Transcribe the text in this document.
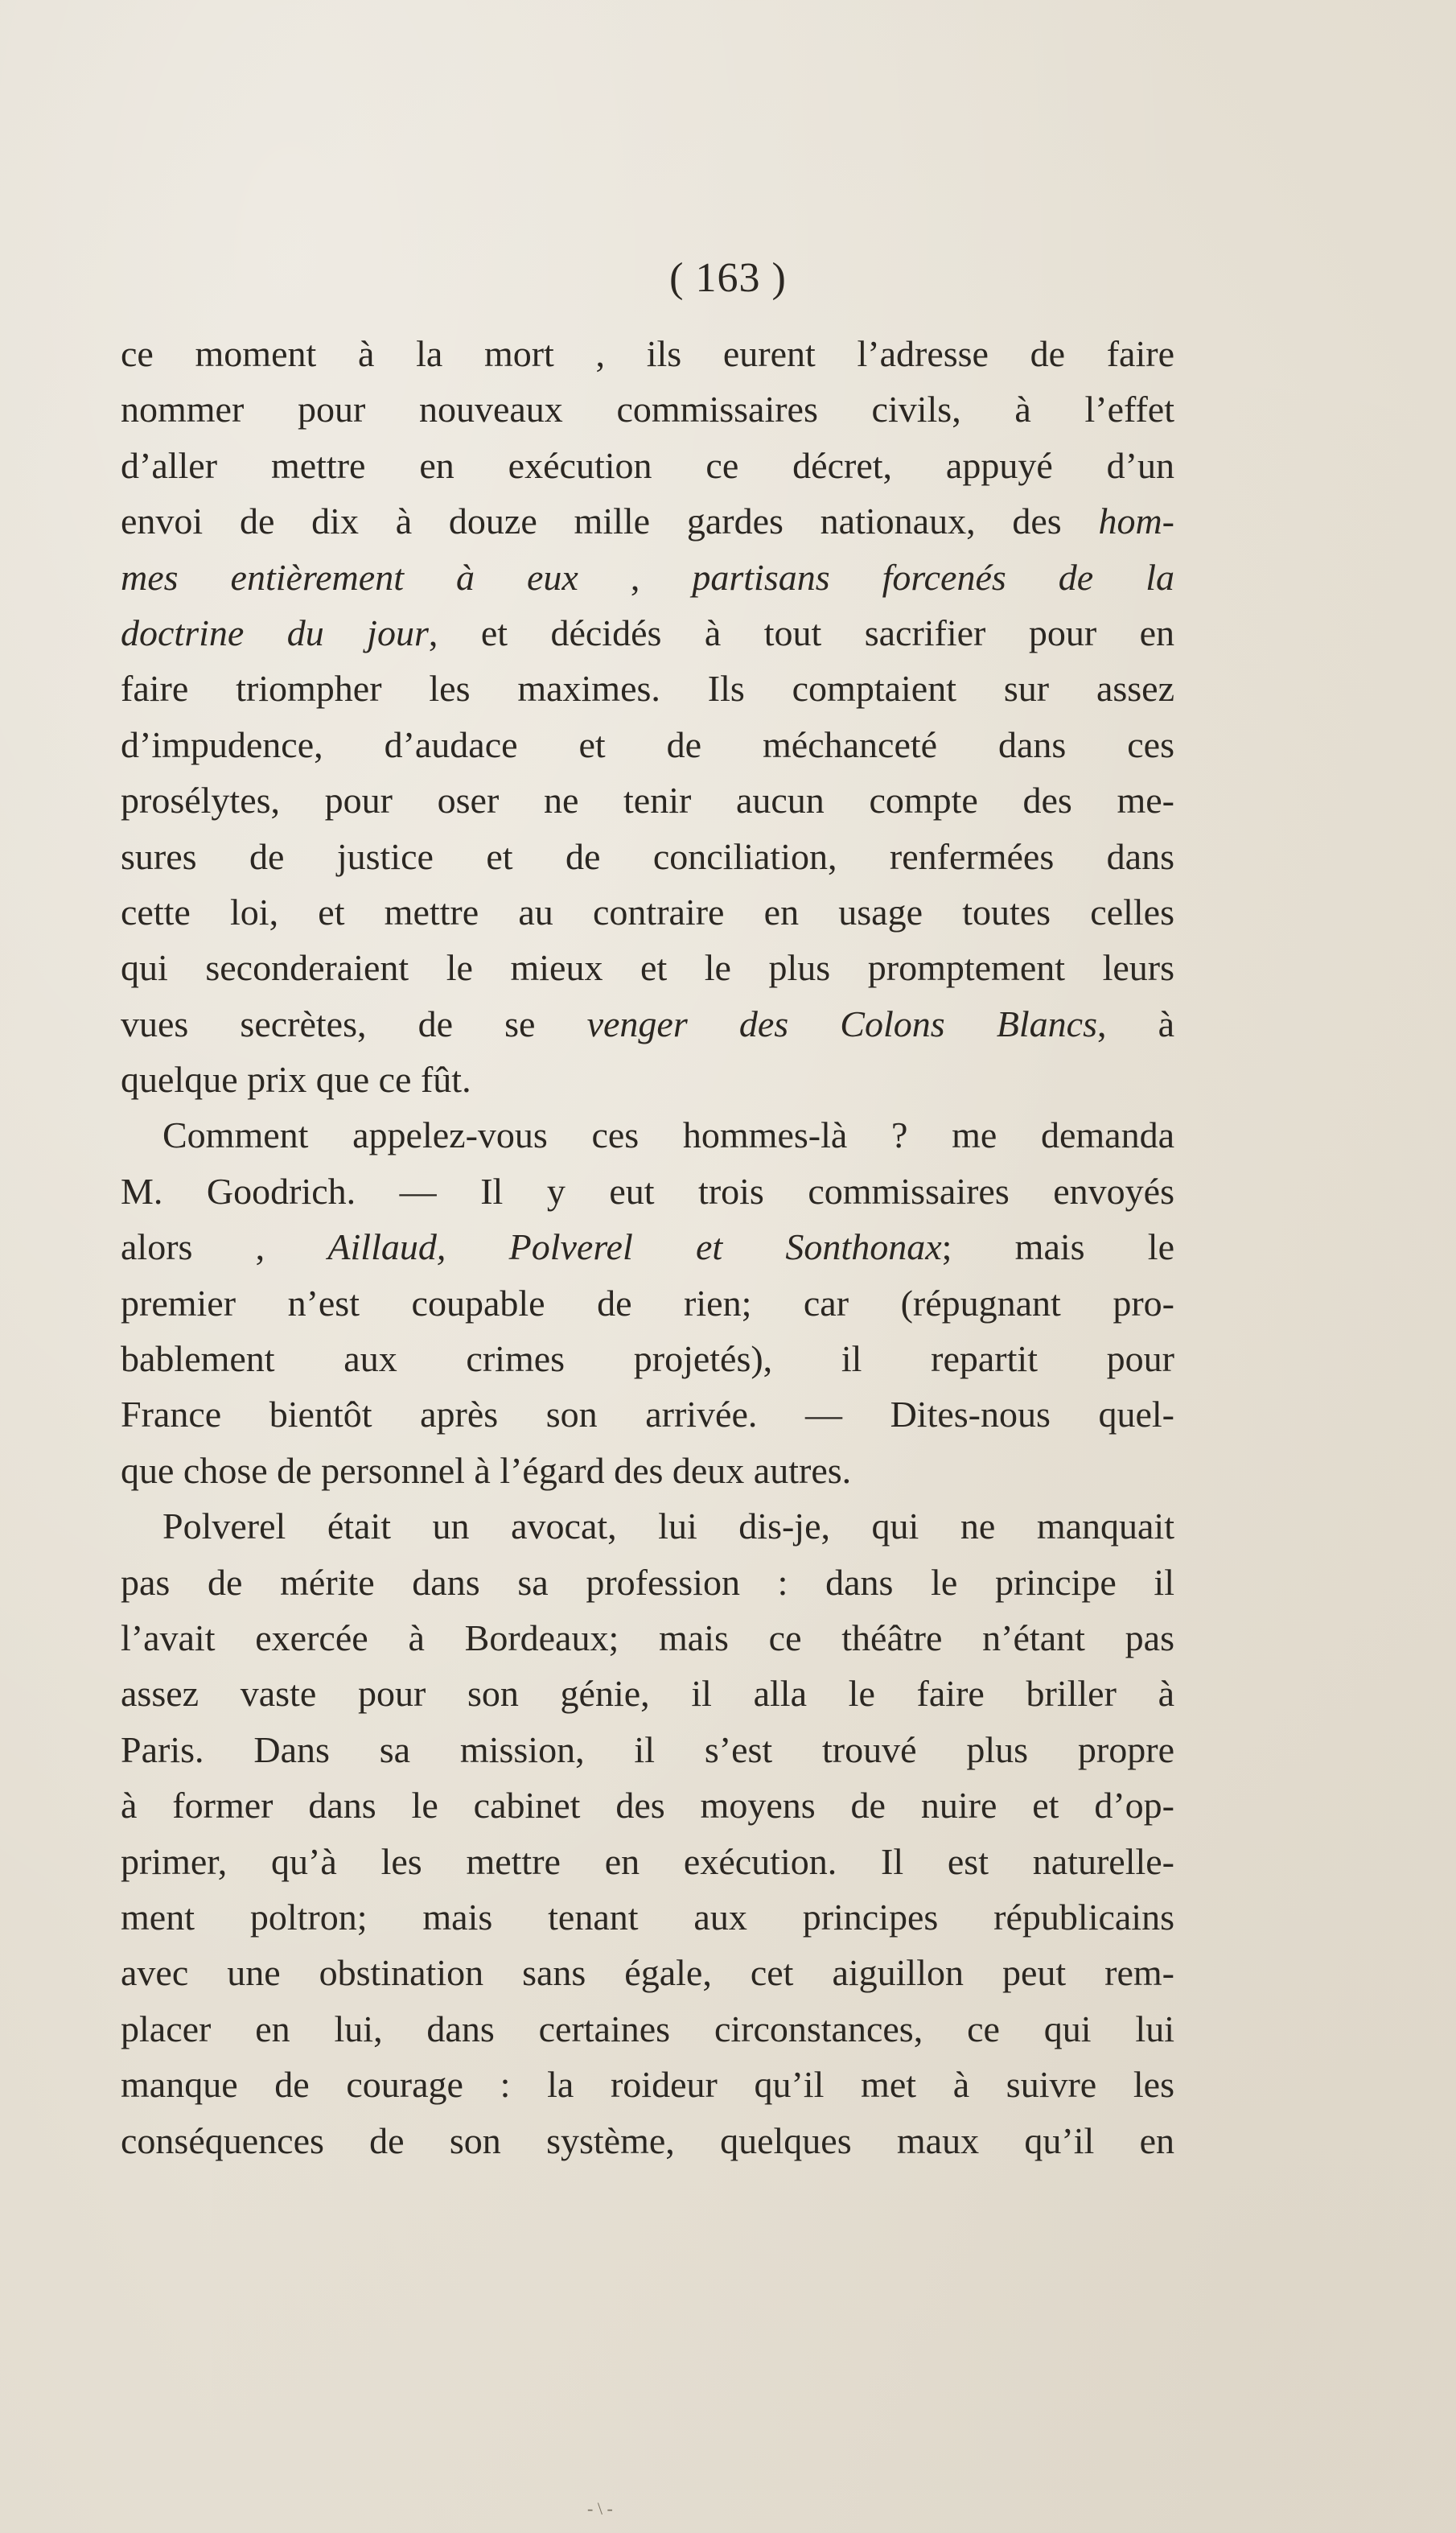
( 163 )
ce moment à la mort , ils eurent l’adresse de faire
nommer pour nouveaux commissaires civils, à l’effet
d’aller mettre en exécution ce décret, appuyé d’un
envoi de dix à douze mille gardes nationaux, des hom-
mes entièrement à eux , partisans forcenés de la
doctrine du jour, et décidés à tout sacrifier pour en
faire triompher les maximes. Ils comptaient sur assez
d’impudence, d’audace et de méchanceté dans ces
prosélytes, pour oser ne tenir aucun compte des me-
sures de justice et de conciliation, renfermées dans
cette loi, et mettre au contraire en usage toutes celles
qui seconderaient le mieux et le plus promptement leurs
vues secrètes, de se venger des Colons Blancs, à
quelque prix que ce fût.
Comment appelez-vous ces hommes-là ? me demanda
M. Goodrich. — Il y eut trois commissaires envoyés
alors , Aillaud, Polverel et Sonthonax; mais le
premier n’est coupable de rien; car (répugnant pro-
bablement aux crimes projetés), il repartit pour
France bientôt après son arrivée. — Dites-nous quel-
que chose de personnel à l’égard des deux autres.
Polverel était un avocat, lui dis-je, qui ne manquait
pas de mérite dans sa profession : dans le principe il
l’avait exercée à Bordeaux; mais ce théâtre n’étant pas
assez vaste pour son génie, il alla le faire briller à
Paris. Dans sa mission, il s’est trouvé plus propre
à former dans le cabinet des moyens de nuire et d’op-
primer, qu’à les mettre en exécution. Il est naturelle-
ment poltron; mais tenant aux principes républicains
avec une obstination sans égale, cet aiguillon peut rem-
placer en lui, dans certaines circonstances, ce qui lui
manque de courage : la roideur qu’il met à suivre les
conséquences de son système, quelques maux qu’il en
- \ -
